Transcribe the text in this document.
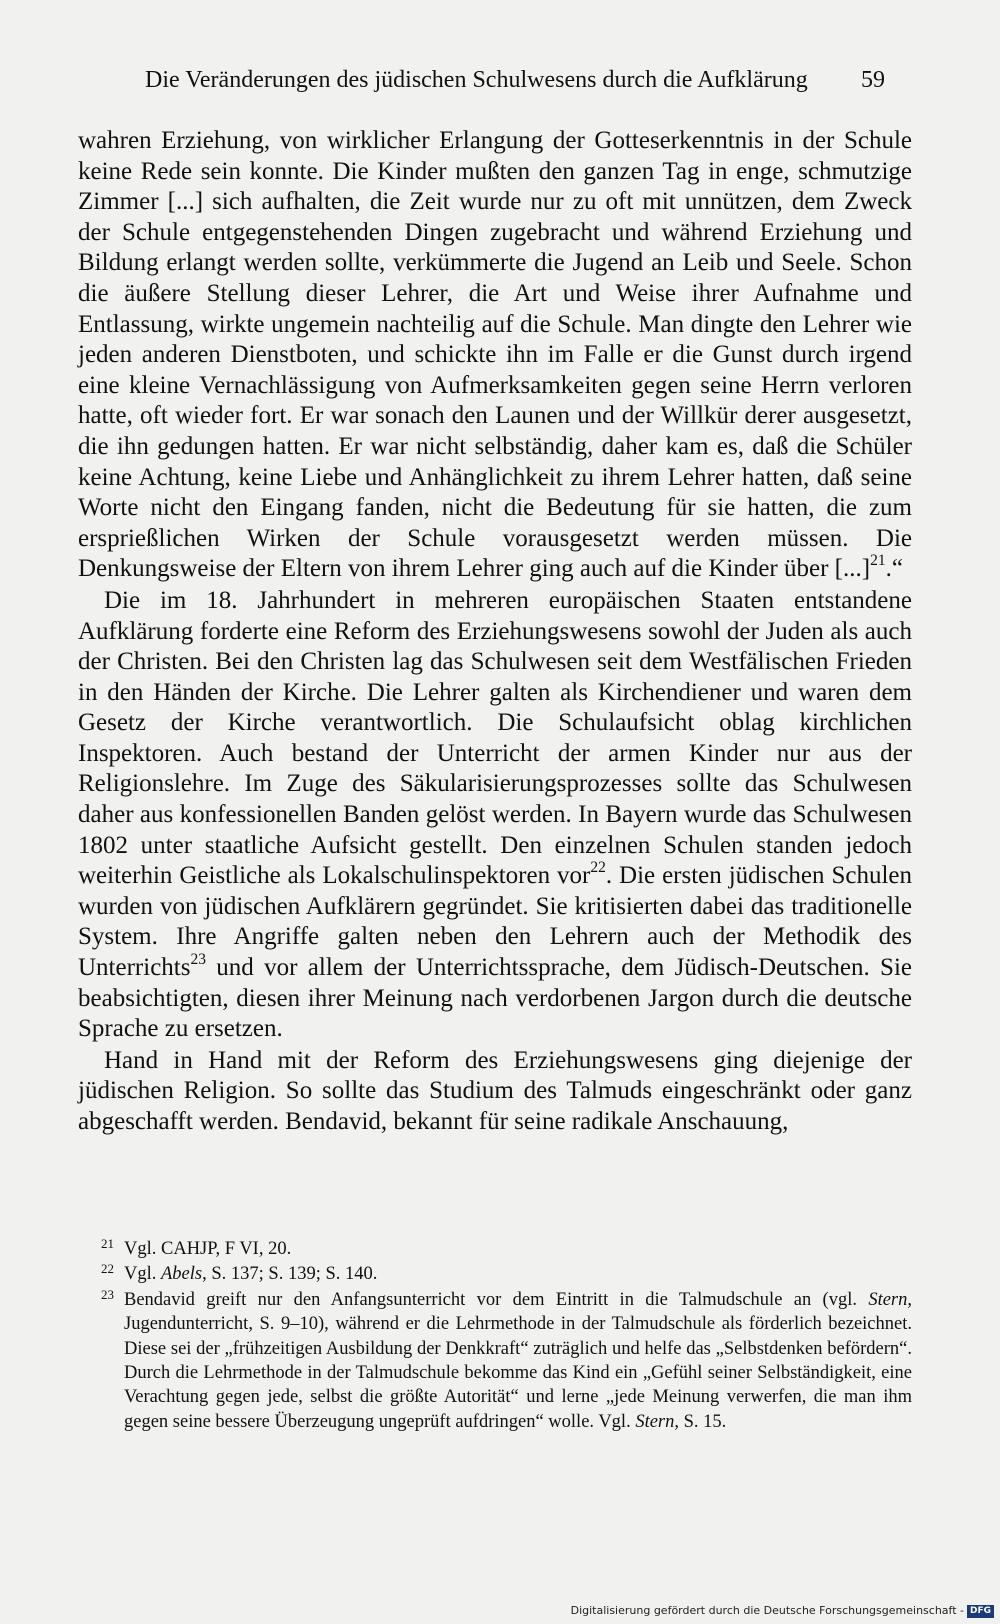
Die Veränderungen des jüdischen Schulwesens durch die Aufklärung 59

wahren Erziehung, von wirklicher Erlangung der Gotteserkenntnis in der Schule keine Rede sein konnte. Die Kinder mußten den ganzen Tag in enge, schmutzige Zimmer [...] sich aufhalten, die Zeit wurde nur zu oft mit unnützen, dem Zweck der Schule entgegenstehenden Dingen zugebracht und während Erziehung und Bildung erlangt werden sollte, verkümmerte die Jugend an Leib und Seele. Schon die äußere Stellung dieser Lehrer, die Art und Weise ihrer Aufnahme und Entlassung, wirkte ungemein nachteilig auf die Schule. Man dingte den Lehrer wie jeden anderen Dienstboten, und schickte ihn im Falle er die Gunst durch irgend eine kleine Vernachlässigung von Aufmerksamkeiten gegen seine Herrn verloren hatte, oft wieder fort. Er war sonach den Launen und der Willkür derer ausgesetzt, die ihn gedungen hatten. Er war nicht selbständig, daher kam es, daß die Schüler keine Achtung, keine Liebe und Anhänglichkeit zu ihrem Lehrer hatten, daß seine Worte nicht den Eingang fanden, nicht die Bedeutung für sie hatten, die zum ersprießlichen Wirken der Schule vorausgesetzt werden müssen. Die Denkungsweise der Eltern von ihrem Lehrer ging auch auf die Kinder über [...]$^{21}$.“

Die im 18. Jahrhundert in mehreren europäischen Staaten entstandene Aufklärung forderte eine Reform des Erziehungswesens sowohl der Juden als auch der Christen. Bei den Christen lag das Schulwesen seit dem Westfälischen Frieden in den Händen der Kirche. Die Lehrer galten als Kirchendiener und waren dem Gesetz der Kirche verantwortlich. Die Schulaufsicht oblag kirchlichen Inspektoren. Auch bestand der Unterricht der armen Kinder nur aus der Religionslehre. Im Zuge des Säkularisierungsprozesses sollte das Schulwesen daher aus konfessionellen Banden gelöst werden. In Bayern wurde das Schulwesen 1802 unter staatliche Aufsicht gestellt. Den einzelnen Schulen standen jedoch weiterhin Geistliche als Lokalschulinspektoren vor$^{22}$. Die ersten jüdischen Schulen wurden von jüdischen Aufklärern gegründet. Sie kritisierten dabei das traditionelle System. Ihre Angriffe galten neben den Lehrern auch der Methodik des Unterrichts$^{23}$ und vor allem der Unterrichtssprache, dem Jüdisch-Deutschen. Sie beabsichtigten, diesen ihrer Meinung nach verdorbenen Jargon durch die deutsche Sprache zu ersetzen.

Hand in Hand mit der Reform des Erziehungswesens ging diejenige der jüdischen Religion. So sollte das Studium des Talmuds eingeschränkt oder ganz abgeschafft werden. Bendavid, bekannt für seine radikale Anschauung,

21 Vgl. CAHJP, F VI, 20.
22 Vgl. Abels, S. 137; S. 139; S. 140.
23 Bendavid greift nur den Anfangsunterricht vor dem Eintritt in die Talmudschule an (vgl. Stern, Jugendunterricht, S. 9–10), während er die Lehrmethode in der Talmudschule als förderlich bezeichnet. Diese sei der „frühzeitigen Ausbildung der Denkkraft“ zuträglich und helfe das „Selbstdenken befördern“. Durch die Lehrmethode in der Talmudschule bekomme das Kind ein „Gefühl seiner Selbständigkeit, eine Verachtung gegen jede, selbst die größte Autorität“ und lerne „jede Meinung verwerfen, die man ihm gegen seine bessere Überzeugung ungeprüft aufdringen“ wolle. Vgl. Stern, S. 15.
Digitalisierung gefördert durch die Deutsche Forschungsgemeinschaft - DFG
